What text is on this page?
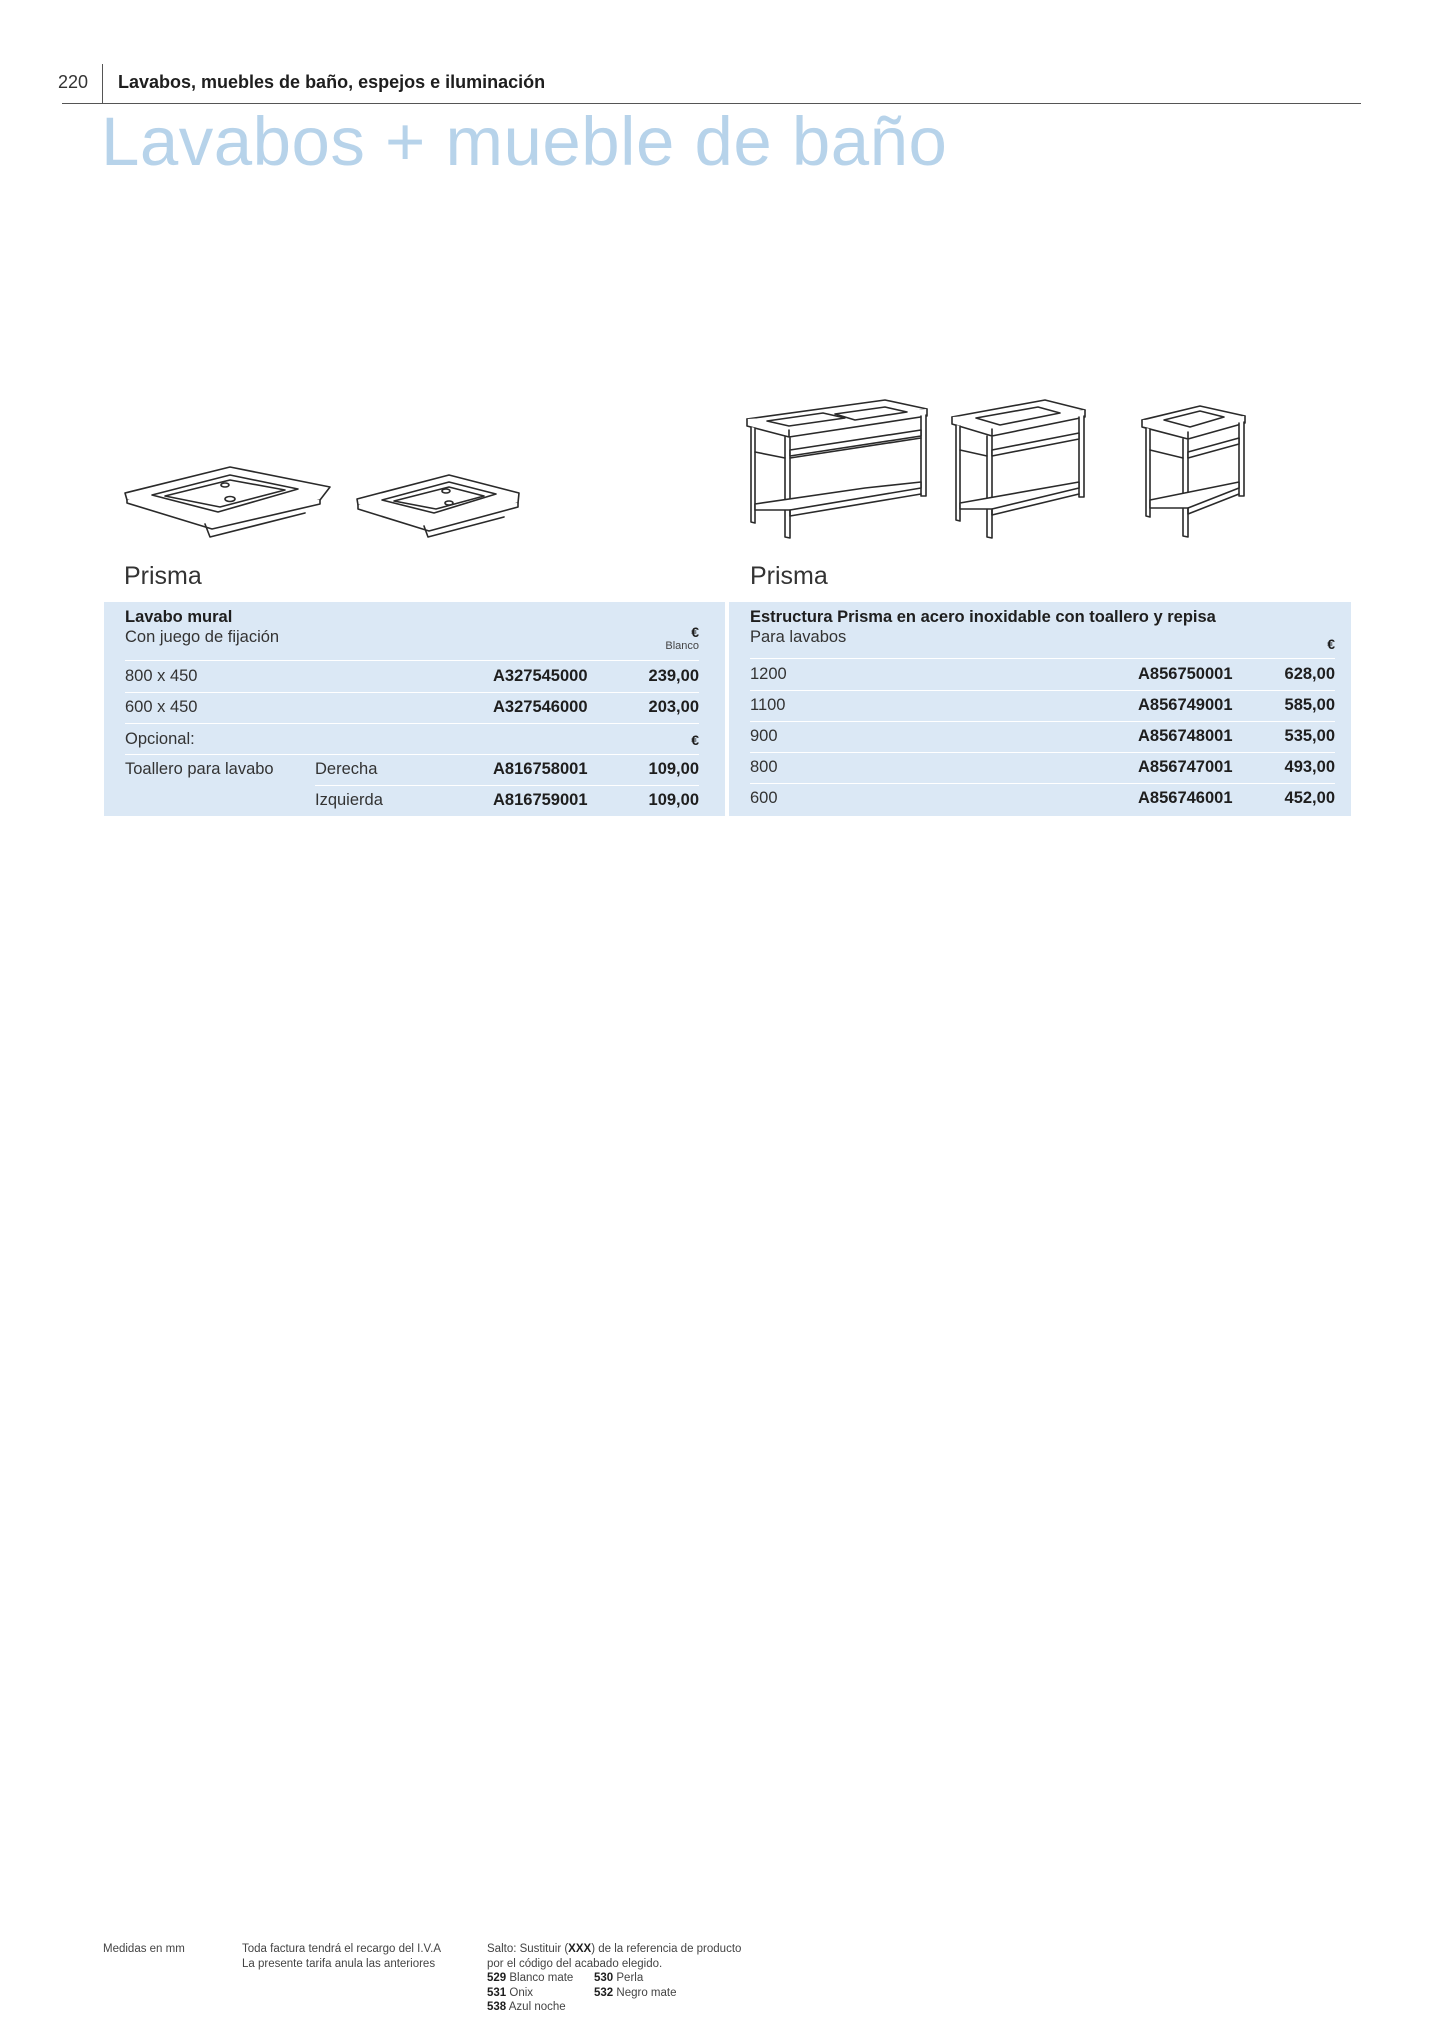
220 Lavabos, muebles de baño, espejos e iluminación
Lavabos + mueble de baño
Prisma	Prisma
Lavabo mural
Con juego de fijación	€
Blanco
800 x 450	A327545000	239,00
600 x 450	A327546000	203,00
Opcional:	€
Toallero para lavabo	Derecha	A816758001	109,00
Izquierda	A816759001	109,00
Estructura Prisma en acero inoxidable con toallero y repisa
Para lavabos	€
1200	A856750001	628,00
1100	A856749001	585,00
900	A856748001	535,00
800	A856747001	493,00
600	A856746001	452,00
Medidas en mm	Toda factura tendrá el recargo del I.V.A
La presente tarifa anula las anteriores
Salto: Sustituir (XXX) de la referencia de producto
por el código del acabado elegido.
529 Blanco mate 530 Perla
531 Onix	532 Negro mate
538 Azul noche
